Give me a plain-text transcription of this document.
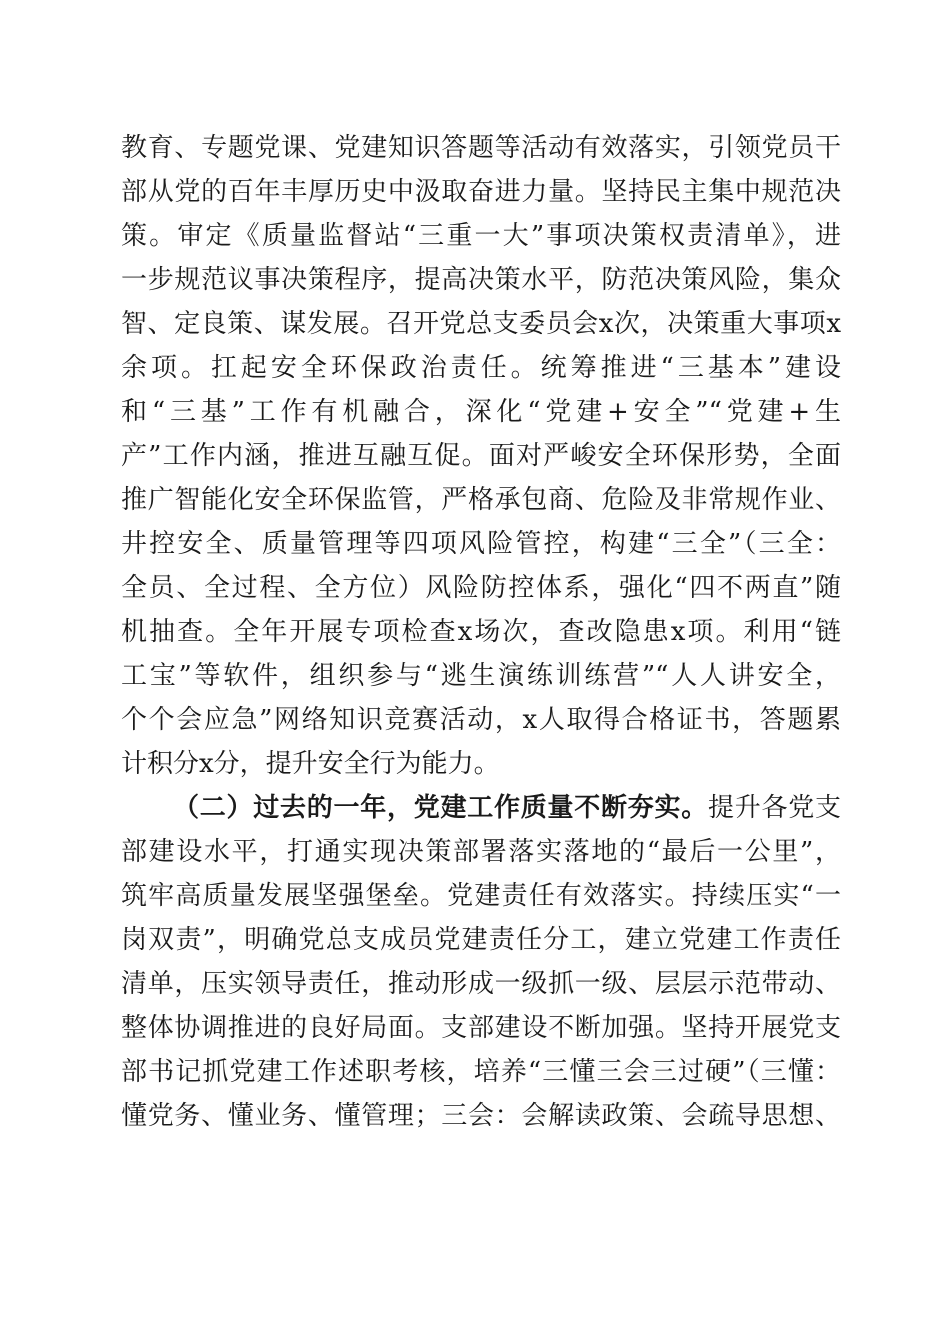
教育、专题党课、党建知识答题等活动有效落实，引领党员干
部从党的百年丰厚历史中汲取奋进力量。坚持民主集中规范决
策。审定《质量监督站“三重一大”事项决策权责清单》，进
一步规范议事决策程序，提高决策水平，防范决策风险，集众
智、定良策、谋发展。召开党总支委员会x次，决策重大事项x
余项。扛起安全环保政治责任。统筹推进“三基本”建设
和“三基”工作有机融合，深化“党建+安全”“党建+生
产”工作内涵，推进互融互促。面对严峻安全环保形势，全面
推广智能化安全环保监管，严格承包商、危险及非常规作业、
井控安全、质量管理等四项风险管控，构建“三全”（三全：
全员、全过程、全方位）风险防控体系，强化“四不两直”随
机抽查。全年开展专项检查x场次，查改隐患x项。利用“链
工宝”等软件，组织参与“逃生演练训练营”“人人讲安全，
个个会应急”网络知识竞赛活动，x人取得合格证书，答题累
计积分x分，提升安全行为能力。
（二）过去的一年，党建工作质量不断夯实。提升各党支
部建设水平，打通实现决策部署落实落地的“最后一公里”，
筑牢高质量发展坚强堡垒。党建责任有效落实。持续压实“一
岗双责”，明确党总支成员党建责任分工，建立党建工作责任
清单，压实领导责任，推动形成一级抓一级、层层示范带动、
整体协调推进的良好局面。支部建设不断加强。坚持开展党支
部书记抓党建工作述职考核，培养“三懂三会三过硬”（三懂：
懂党务、懂业务、懂管理；三会：会解读政策、会疏导思想、
